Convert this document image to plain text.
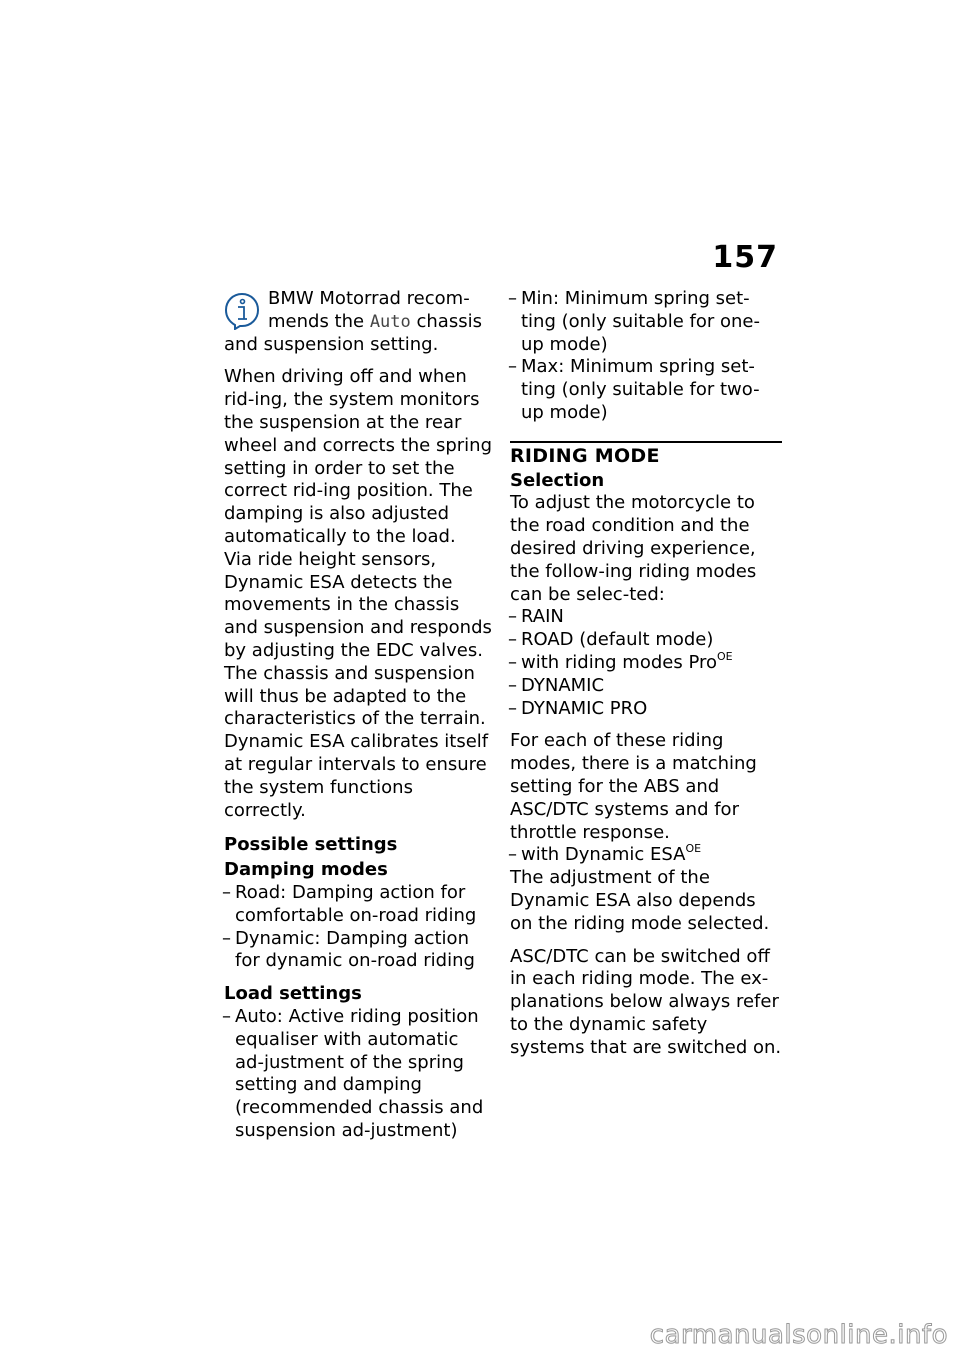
157
BMW Motorrad recom-
mends the Auto chassis
and suspension setting.

When driving off and when rid-ing, the system monitors the suspension at the rear wheel and corrects the spring setting in order to set the correct rid-ing position. The damping is also adjusted automatically to the load.

Via ride height sensors, Dynamic ESA detects the movements in the chassis and suspension and responds by adjusting the EDC valves. The chassis and suspension will thus be adapted to the characteristics of the terrain.

Dynamic ESA calibrates itself at regular intervals to ensure the system functions correctly.

Possible settings
Damping modes
– Road: Damping action for comfortable on-road riding
– Dynamic: Damping action for dynamic on-road riding
Load settings
– Auto: Active riding position equaliser with automatic ad-justment of the spring setting and damping (recommended chassis and suspension ad-justment)
– Min: Minimum spring set-ting (only suitable for one-up mode)
– Max: Minimum spring set-ting (only suitable for two-up mode)
RIDING MODE
Selection

To adjust the motorcycle to the road condition and the desired driving experience, the follow-ing riding modes can be selec-ted:

– RAIN
– ROAD (default mode)
– with riding modes Pro$^{OE}$
– DYNAMIC
– DYNAMIC PRO

For each of these riding modes, there is a matching setting for the ABS and ASC/DTC systems and for throttle response.

– with Dynamic $ESA^{OE}$

The adjustment of the Dynamic ESA also depends on the riding mode selected.

ASC/DTC can be switched off in each riding mode. The ex-planations below always refer to the dynamic safety systems that are switched on.

carmanualsonline.info
